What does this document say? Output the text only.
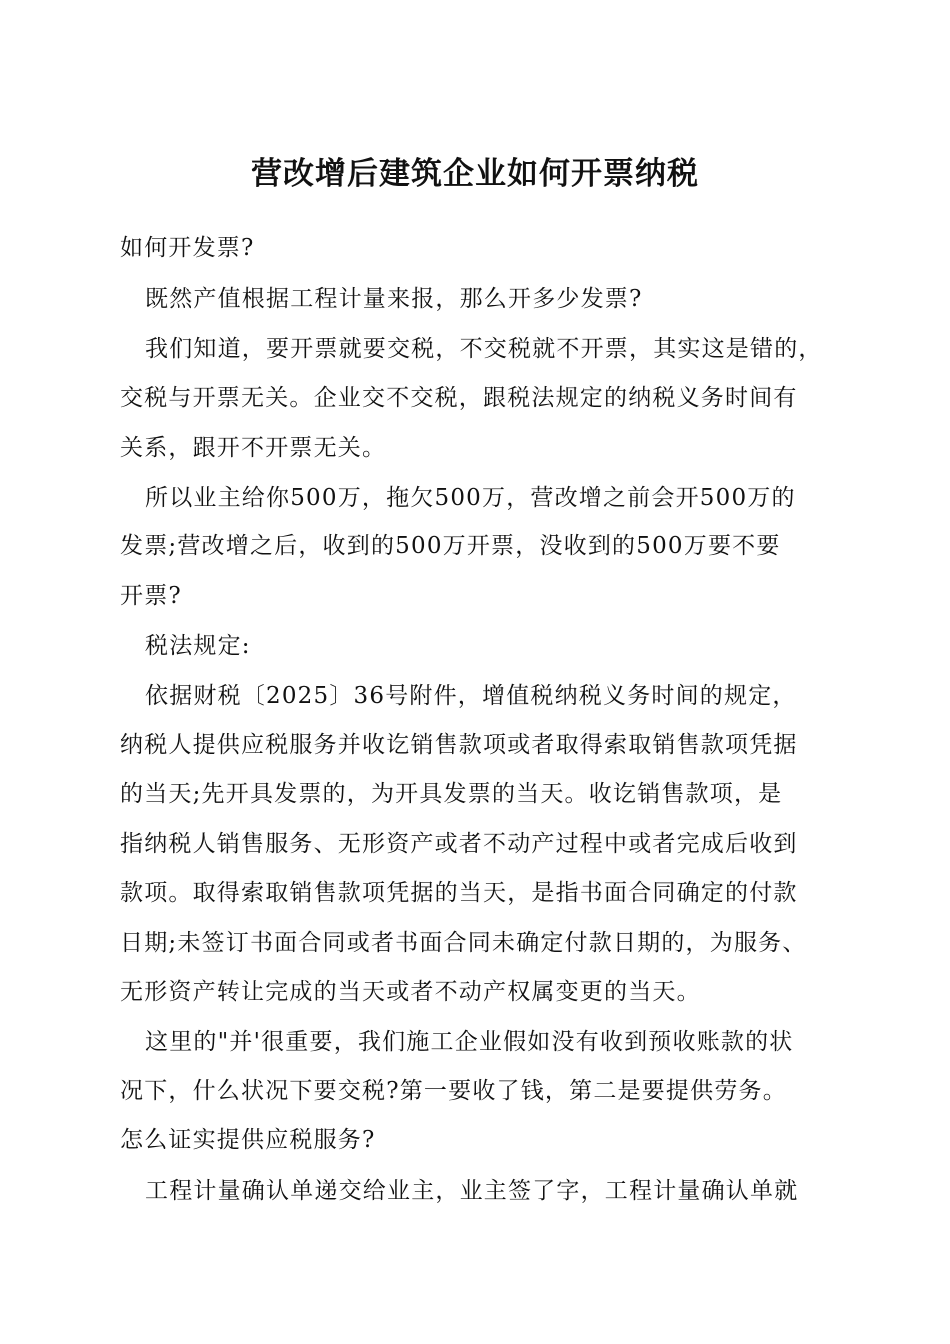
营改增后建筑企业如何开票纳税
如何开发票?
既然产值根据工程计量来报，那么开多少发票?
我们知道，要开票就要交税，不交税就不开票，其实这是错的，
交税与开票无关。企业交不交税，跟税法规定的纳税义务时间有
关系，跟开不开票无关。
所以业主给你500万，拖欠500万，营改增之前会开500万的
发票;营改增之后，收到的500万开票，没收到的500万要不要
开票?
税法规定:
依据财税〔2025〕36号附件，增值税纳税义务时间的规定，
纳税人提供应税服务并收讫销售款项或者取得索取销售款项凭据
的当天;先开具发票的，为开具发票的当天。收讫销售款项，是
指纳税人销售服务、无形资产或者不动产过程中或者完成后收到
款项。取得索取销售款项凭据的当天，是指书面合同确定的付款
日期;未签订书面合同或者书面合同未确定付款日期的，为服务、
无形资产转让完成的当天或者不动产权属变更的当天。
这里的"并'很重要，我们施工企业假如没有收到预收账款的状
况下，什么状况下要交税?第一要收了钱，第二是要提供劳务。
怎么证实提供应税服务?
工程计量确认单递交给业主，业主签了字，工程计量确认单就
